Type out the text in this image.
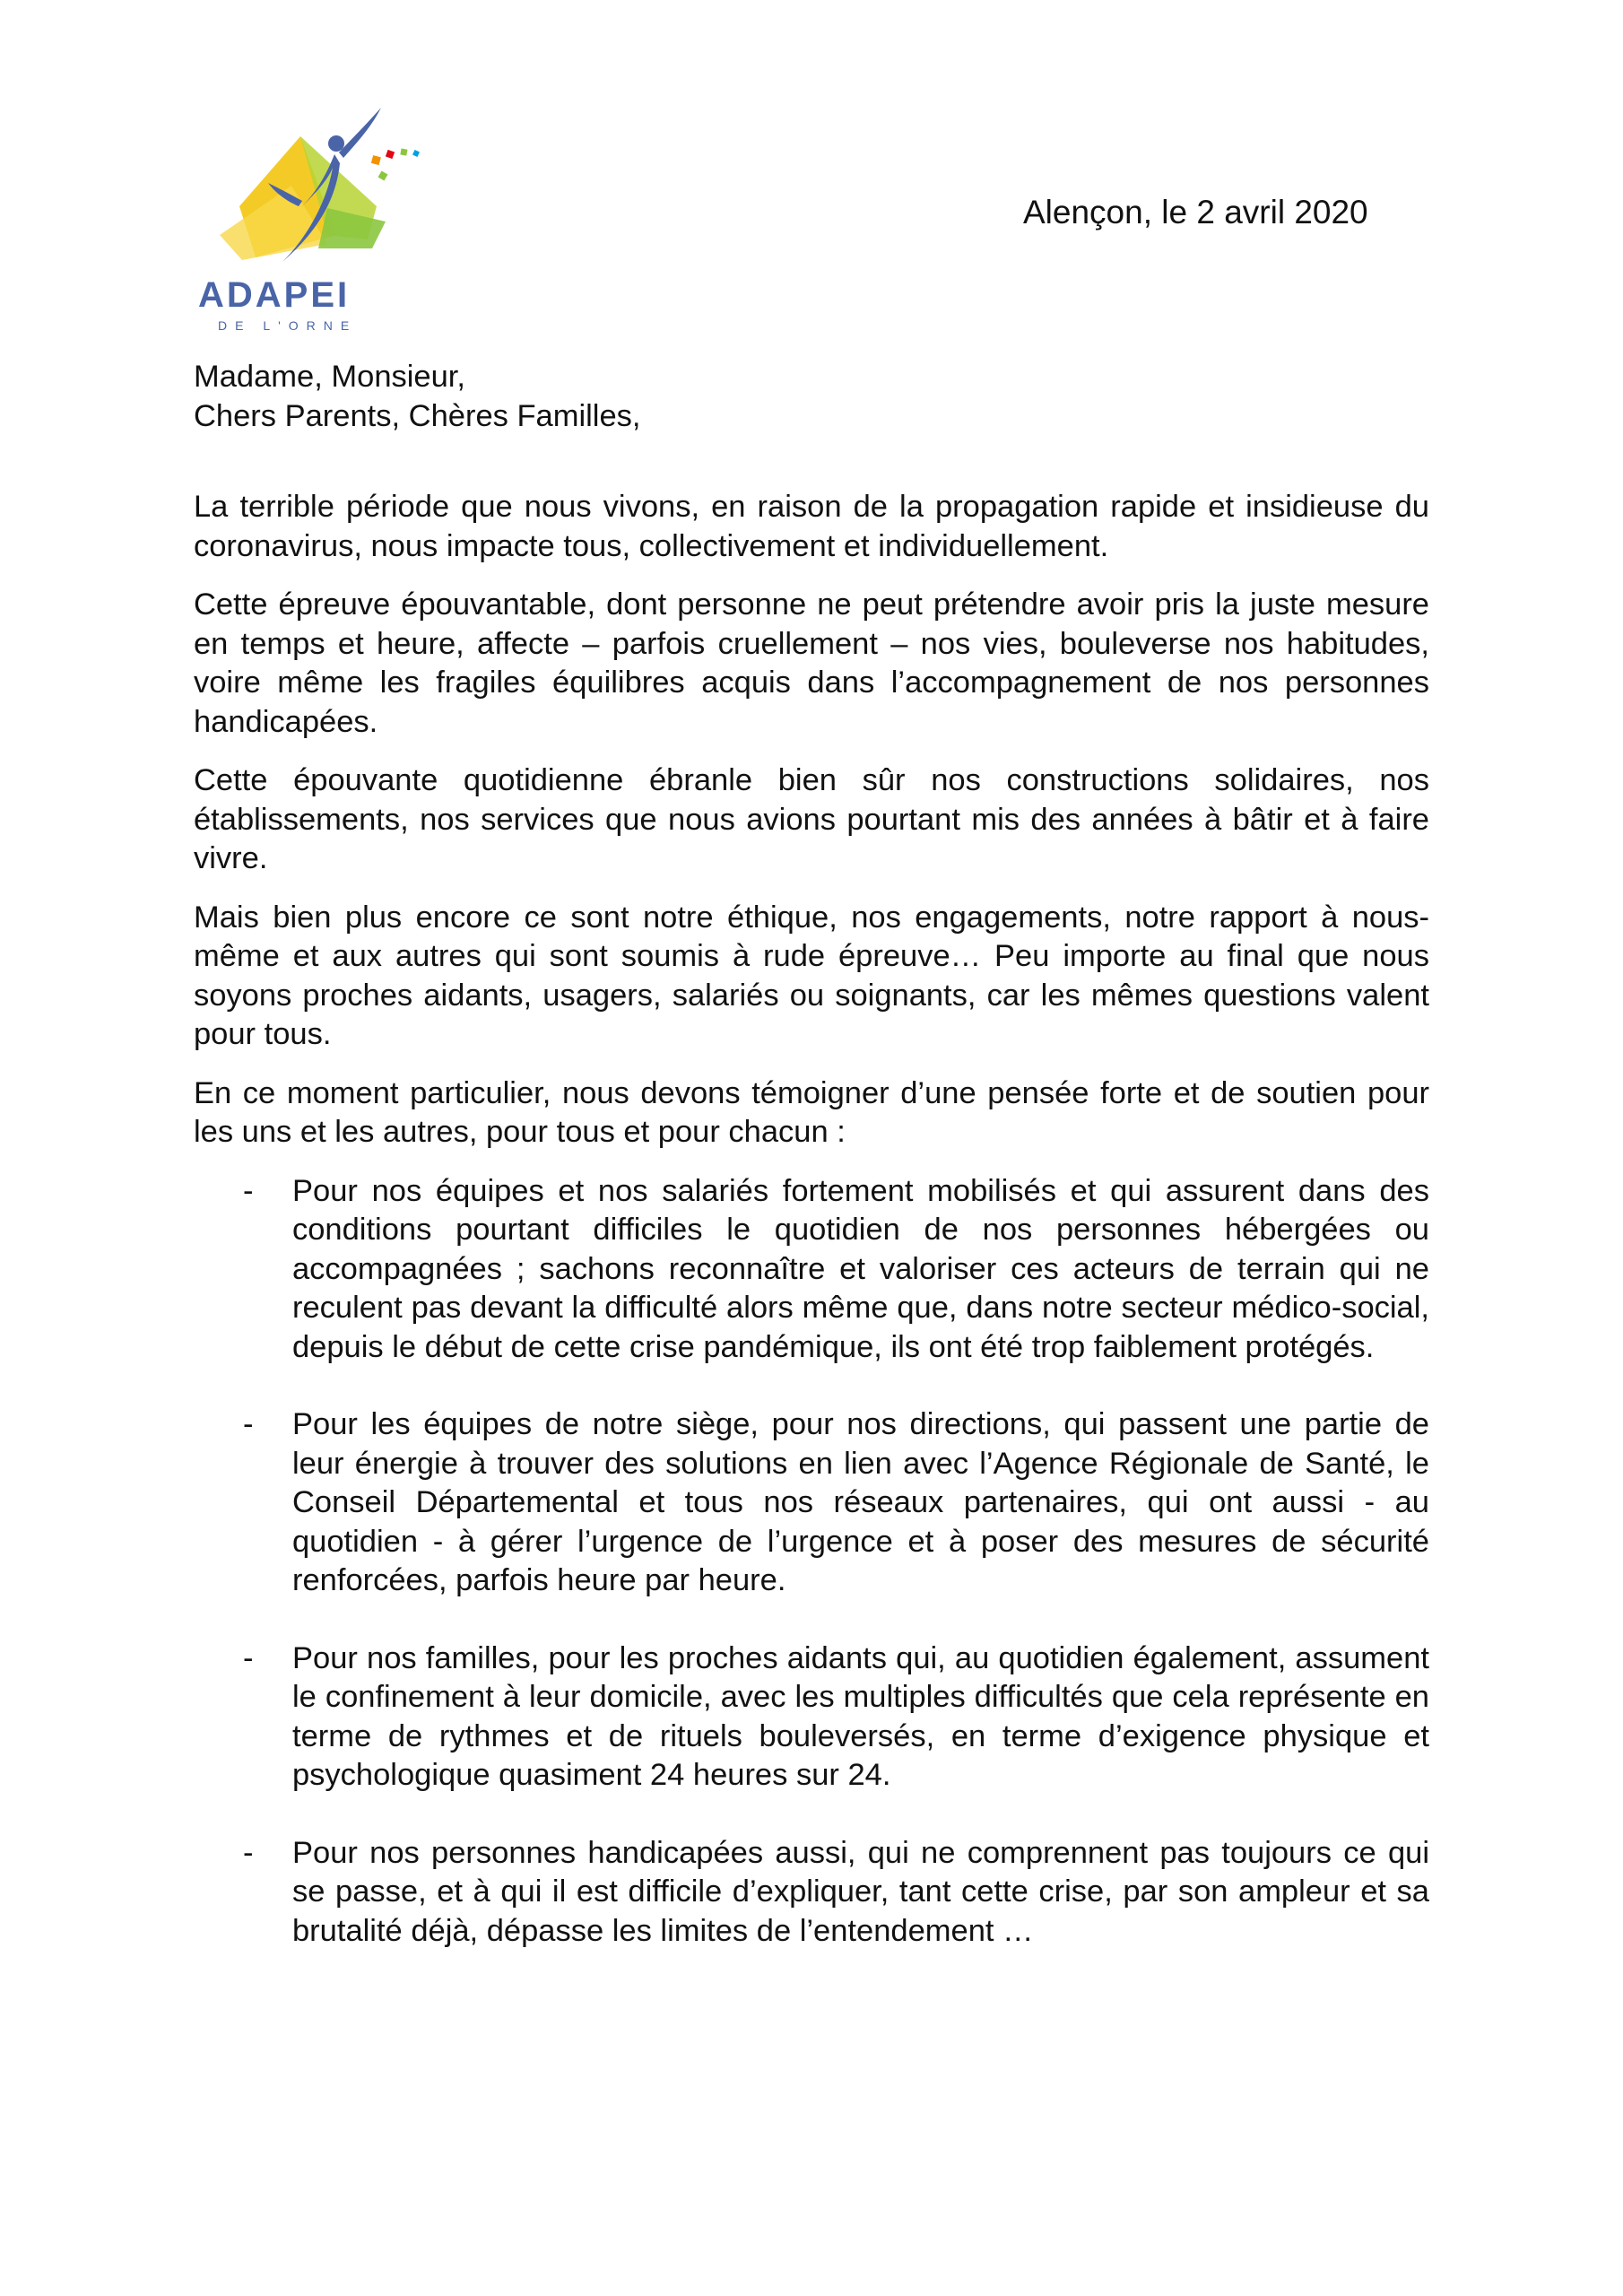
ADAPEI
DE L'ORNE
Alençon, le 2 avril 2020
Madame, Monsieur,
Chers Parents, Chères Familles,

La terrible période que nous vivons, en raison de la propagation rapide et insidieuse du coronavirus, nous impacte tous, collectivement et individuellement.

Cette épreuve épouvantable, dont personne ne peut prétendre avoir pris la juste mesure en temps et heure, affecte – parfois cruellement – nos vies, bouleverse nos habitudes, voire même les fragiles équilibres acquis dans l’accompagnement de nos personnes handicapées.

Cette épouvante quotidienne ébranle bien sûr nos constructions solidaires, nos établissements, nos services que nous avions pourtant mis des années à bâtir et à faire vivre.

Mais bien plus encore ce sont notre éthique, nos engagements, notre rapport à nous-même et aux autres qui sont soumis à rude épreuve… Peu importe au final que nous soyons proches aidants, usagers, salariés ou soignants, car les mêmes questions valent pour tous.

En ce moment particulier, nous devons témoigner d’une pensée forte et de soutien pour les uns et les autres, pour tous et pour chacun :

- Pour nos équipes et nos salariés fortement mobilisés et qui assurent dans des conditions pourtant difficiles le quotidien de nos personnes hébergées ou accompagnées ; sachons reconnaître et valoriser ces acteurs de terrain qui ne reculent pas devant la difficulté alors même que, dans notre secteur médico-social, depuis le début de cette crise pandémique, ils ont été trop faiblement protégés.
- Pour les équipes de notre siège, pour nos directions, qui passent une partie de leur énergie à trouver des solutions en lien avec l’Agence Régionale de Santé, le Conseil Départemental et tous nos réseaux partenaires, qui ont aussi - au quotidien - à gérer l’urgence de l’urgence et à poser des mesures de sécurité renforcées, parfois heure par heure.
- Pour nos familles, pour les proches aidants qui, au quotidien également, assument le confinement à leur domicile, avec les multiples difficultés que cela représente en terme de rythmes et de rituels bouleversés, en terme d’exigence physique et psychologique quasiment 24 heures sur 24.
- Pour nos personnes handicapées aussi, qui ne comprennent pas toujours ce qui se passe, et à qui il est difficile d’expliquer, tant cette crise, par son ampleur et sa brutalité déjà, dépasse les limites de l’entendement …
